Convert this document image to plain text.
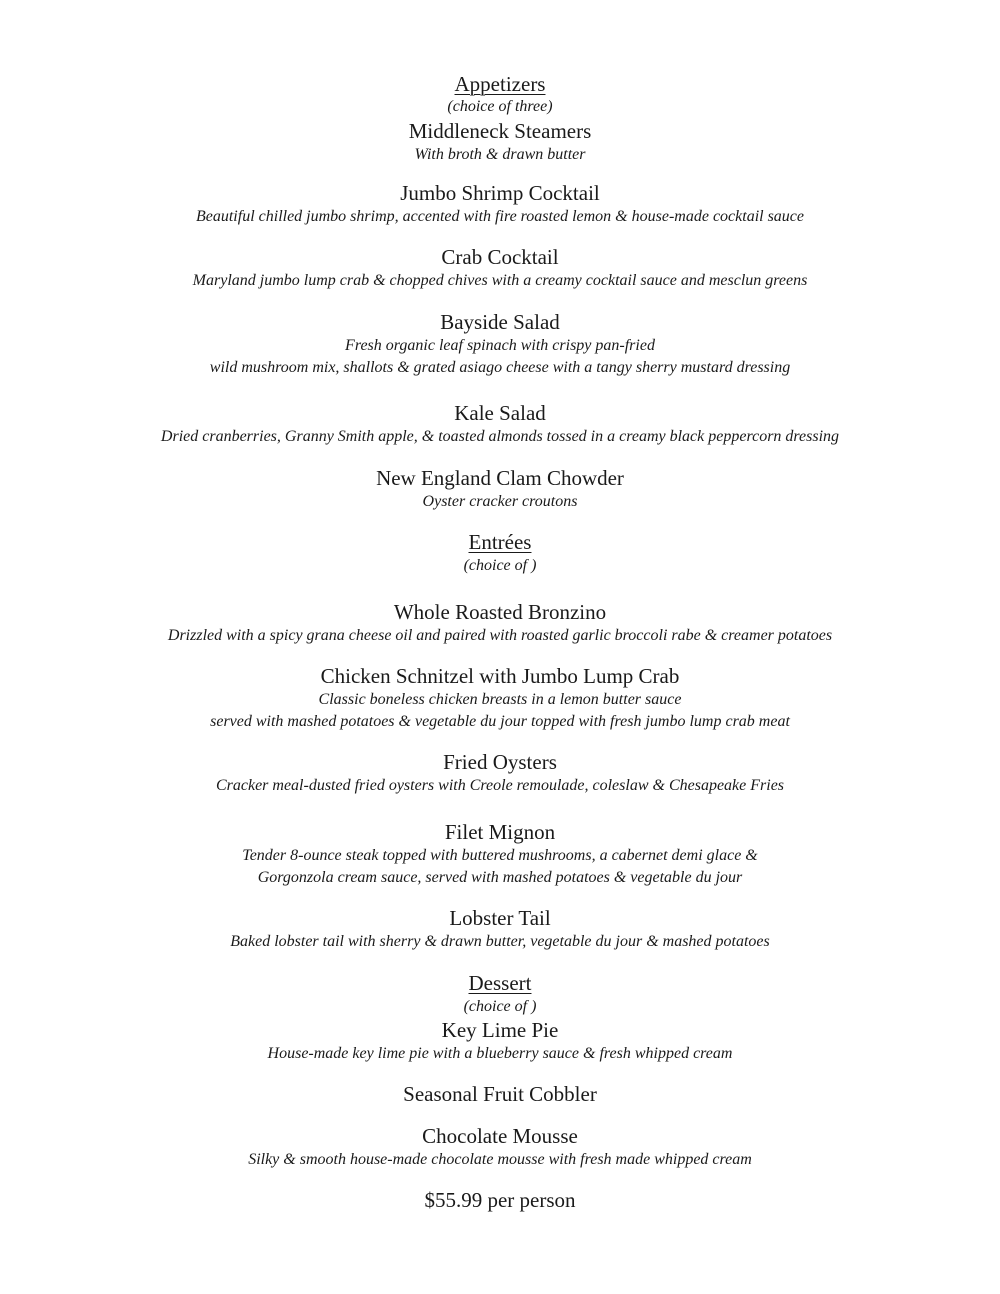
Appetizers
(choice of three)
Middleneck Steamers
With broth & drawn butter
Jumbo Shrimp Cocktail
Beautiful chilled jumbo shrimp, accented with fire roasted lemon & house-made cocktail sauce
Crab Cocktail
Maryland jumbo lump crab & chopped chives with a creamy cocktail sauce and mesclun greens
Bayside Salad
Fresh organic leaf spinach with crispy pan-fried
wild mushroom mix, shallots & grated asiago cheese with a tangy sherry mustard dressing
Kale Salad
Dried cranberries, Granny Smith apple, & toasted almonds tossed in a creamy black peppercorn dressing
New England Clam Chowder
Oyster cracker croutons
Entrées
(choice of )
Whole Roasted Bronzino
Drizzled with a spicy grana cheese oil and paired with roasted garlic broccoli rabe & creamer potatoes
Chicken Schnitzel with Jumbo Lump Crab
Classic boneless chicken breasts in a lemon butter sauce
served with mashed potatoes & vegetable du jour topped with fresh jumbo lump crab meat
Fried Oysters
Cracker meal-dusted fried oysters with Creole remoulade, coleslaw & Chesapeake Fries
Filet Mignon
Tender 8-ounce steak topped with buttered mushrooms, a cabernet demi glace &
Gorgonzola cream sauce, served with mashed potatoes & vegetable du jour
Lobster Tail
Baked lobster tail with sherry & drawn butter, vegetable du jour & mashed potatoes
Dessert
(choice of )
Key Lime Pie
House-made key lime pie with a blueberry sauce & fresh whipped cream
Seasonal Fruit Cobbler
Chocolate Mousse
Silky & smooth house-made chocolate mousse with fresh made whipped cream
$55.99 per person
